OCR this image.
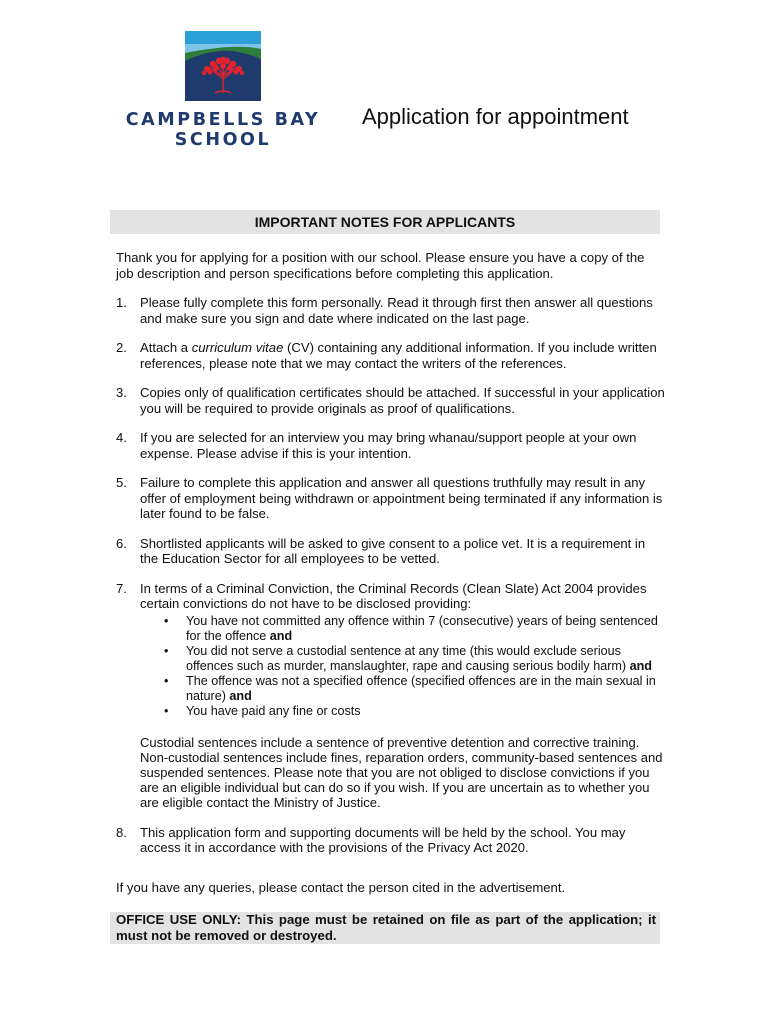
CAMPBELLS BAY SCHOOL
Application for appointment
IMPORTANT NOTES FOR APPLICANTS

Thank you for applying for a position with our school. Please ensure you have a copy of the job description and person specifications before completing this application.

1. Please fully complete this form personally. Read it through first then answer all questions and make sure you sign and date where indicated on the last page.
2. Attach a curriculum vitae (CV) containing any additional information. If you include written references, please note that we may contact the writers of the references.
3. Copies only of qualification certificates should be attached. If successful in your application you will be required to provide originals as proof of qualifications.
4. If you are selected for an interview you may bring whanau/support people at your own expense. Please advise if this is your intention.
5. Failure to complete this application and answer all questions truthfully may result in any offer of employment being withdrawn or appointment being terminated if any information is later found to be false.
6. Shortlisted applicants will be asked to give consent to a police vet. It is a requirement in the Education Sector for all employees to be vetted.
7. In terms of a Criminal Conviction, the Criminal Records (Clean Slate) Act 2004 provides certain convictions do not have to be disclosed providing:
• You have not committed any offence within 7 (consecutive) years of being sentenced for the offence and
• You did not serve a custodial sentence at any time (this would exclude serious offences such as murder, manslaughter, rape and causing serious bodily harm) and
• The offence was not a specified offence (specified offences are in the main sexual in nature) and
• You have paid any fine or costs

Custodial sentences include a sentence of preventive detention and corrective training. Non-custodial sentences include fines, reparation orders, community-based sentences and suspended sentences. Please note that you are not obliged to disclose convictions if you are an eligible individual but can do so if you wish. If you are uncertain as to whether you are eligible contact the Ministry of Justice.

8. This application form and supporting documents will be held by the school. You may access it in accordance with the provisions of the Privacy Act 2020.

If you have any queries, please contact the person cited in the advertisement.

OFFICE USE ONLY: This page must be retained on file as part of the application; it must not be removed or destroyed.
